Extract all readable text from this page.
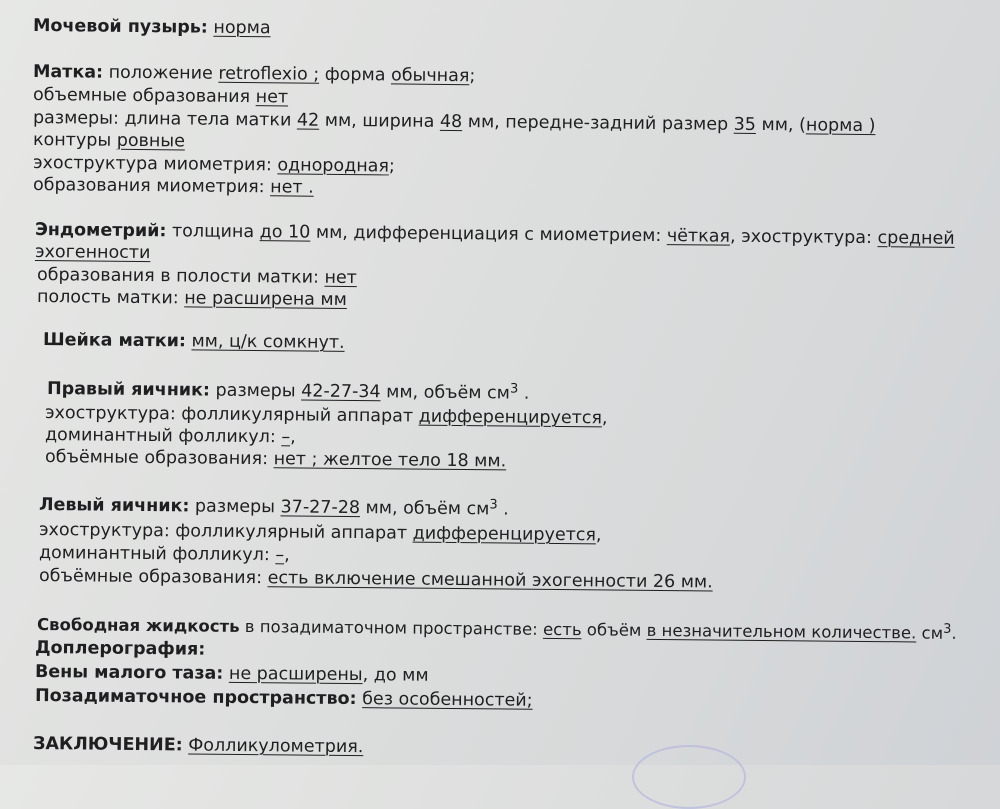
Мочевой пузырь: норма
Матка: положение retroflexio ; форма обычная;
объемные образования нет
размеры: длина тела матки 42 мм, ширина 48 мм, передне-задний размер 35 мм, (норма )
контуры ровные
эхоструктура миометрия: однородная;
образования миометрия: нет .
Эндометрий: толщина до 10 мм, дифференциация с миометрием: чёткая, эхоструктура: средней
эхогенности
образования в полости матки: нет
полость матки: не расширена мм
Шейка матки: мм, ц/к сомкнут.
Правый яичник: размеры 42-27-34 мм, объём $см^3$ .
эхоструктура: фолликулярный аппарат дифференцируется,
доминантный фолликул: –,
объёмные образования: нет ; желтое тело 18 мм.
Левый яичник: размеры 37-27-28 мм, объём $см^3$ .
эхоструктура: фолликулярный аппарат дифференцируется,
доминантный фолликул: –,
объёмные образования: есть включение смешанной эхогенности 26 мм.
Свободная жидкость в позадиматочном пространстве: есть объём в незначительном количестве. $см^3$.
Доплерография:
Вены малого таза: не расширены, до мм
Позадиматочное пространство: без особенностей;
ЗАКЛЮЧЕНИЕ: Фолликулометрия.
